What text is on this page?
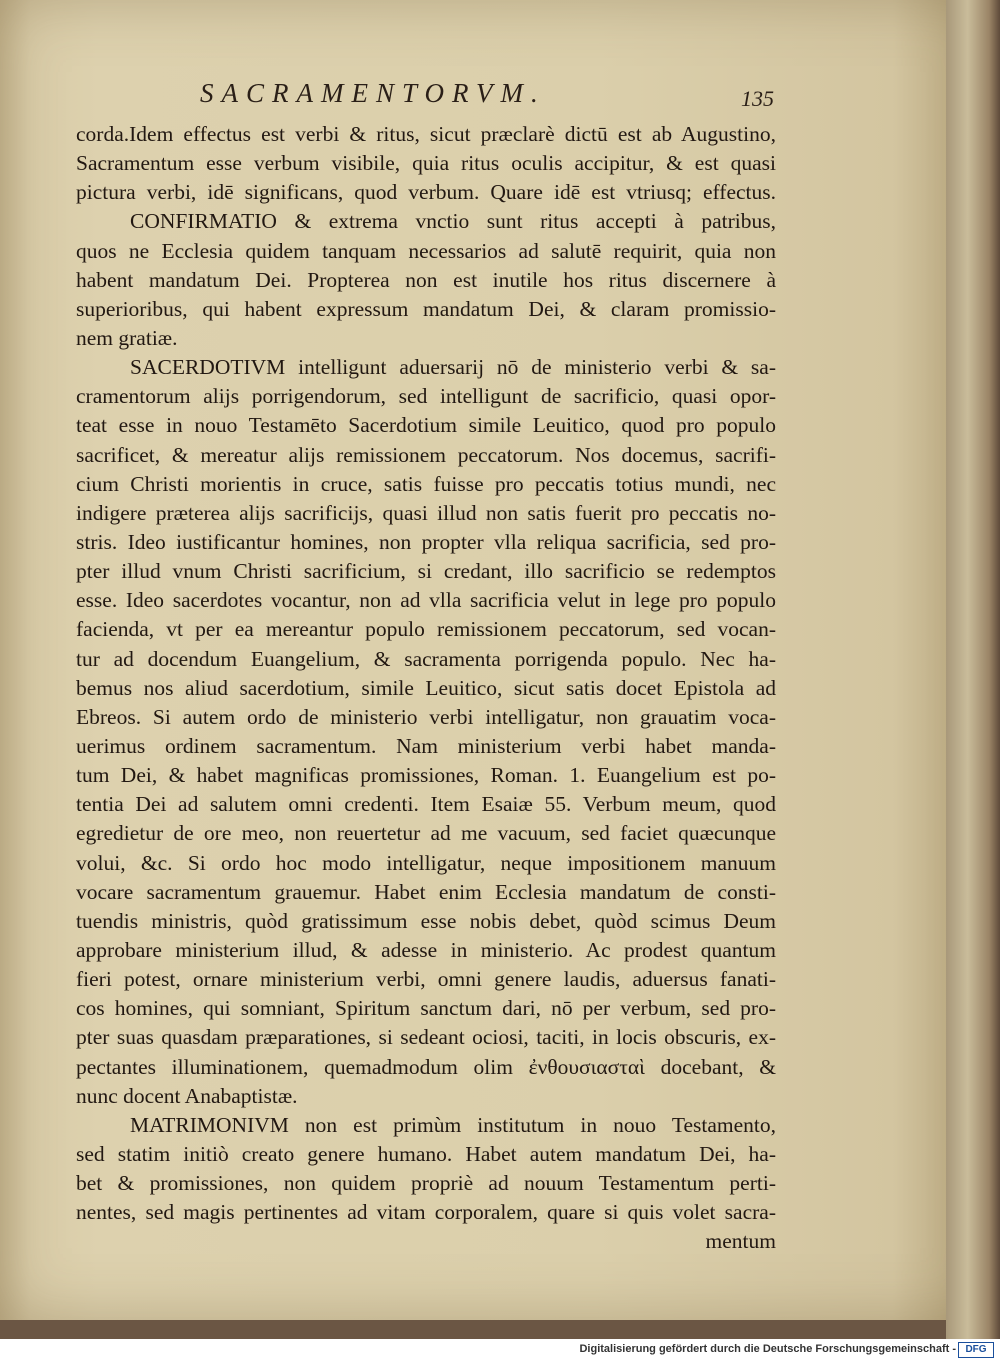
SACRAMENTORVM.	135
corda.Idem effectus est verbi & ritus, sicut præclarè dictū est ab Augustino,
Sacramentum esse verbum visibile, quia ritus oculis accipitur, & est quasi
pictura verbi, idē significans, quod verbum. Quare idē est vtriusq; effectus.
CONFIRMATIO & extrema vnctio sunt ritus accepti à patribus,
quos ne Ecclesia quidem tanquam necessarios ad salutē requirit, quia non
habent mandatum Dei. Propterea non est inutile hos ritus discernere à
superioribus, qui habent expressum mandatum Dei, & claram promissio-
nem gratiæ.
SACERDOTIVM intelligunt aduersarij nō de ministerio verbi & sa-
cramentorum alijs porrigendorum, sed intelligunt de sacrificio, quasi opor-
teat esse in nouo Testamēto Sacerdotium simile Leuitico, quod pro populo
sacrificet, & mereatur alijs remissionem peccatorum. Nos docemus, sacrifi-
cium Christi morientis in cruce, satis fuisse pro peccatis totius mundi, nec
indigere præterea alijs sacrificijs, quasi illud non satis fuerit pro peccatis no-
stris. Ideo iustificantur homines, non propter vlla reliqua sacrificia, sed pro-
pter illud vnum Christi sacrificium, si credant, illo sacrificio se redemptos
esse. Ideo sacerdotes vocantur, non ad vlla sacrificia velut in lege pro populo
facienda, vt per ea mereantur populo remissionem peccatorum, sed vocan-
tur ad docendum Euangelium, & sacramenta porrigenda populo. Nec ha-
bemus nos aliud sacerdotium, simile Leuitico, sicut satis docet Epistola ad
Ebreos. Si autem ordo de ministerio verbi intelligatur, non grauatim voca-
uerimus ordinem sacramentum. Nam ministerium verbi habet manda-
tum Dei, & habet magnificas promissiones, Roman. 1. Euangelium est po-
tentia Dei ad salutem omni credenti. Item Esaiæ 55. Verbum meum, quod
egredietur de ore meo, non reuertetur ad me vacuum, sed faciet quæcunque
volui, &c. Si ordo hoc modo intelligatur, neque impositionem manuum
vocare sacramentum grauemur. Habet enim Ecclesia mandatum de consti-
tuendis ministris, quòd gratissimum esse nobis debet, quòd scimus Deum
approbare ministerium illud, & adesse in ministerio. Ac prodest quantum
fieri potest, ornare ministerium verbi, omni genere laudis, aduersus fanati-
cos homines, qui somniant, Spiritum sanctum dari, nō per verbum, sed pro-
pter suas quasdam præparationes, si sedeant ociosi, taciti, in locis obscuris, ex-
pectantes illuminationem, quemadmodum olim ἐνθουσιασταὶ docebant, &
nunc docent Anabaptistæ.
MATRIMONIVM non est primùm institutum in nouo Testamento,
sed statim initiò creato genere humano. Habet autem mandatum Dei, ha-
bet & promissiones, non quidem propriè ad nouum Testamentum perti-
nentes, sed magis pertinentes ad vitam corporalem, quare si quis volet sacra-
mentum
Digitalisierung gefördert durch die Deutsche Forschungsgemeinschaft - DFG
